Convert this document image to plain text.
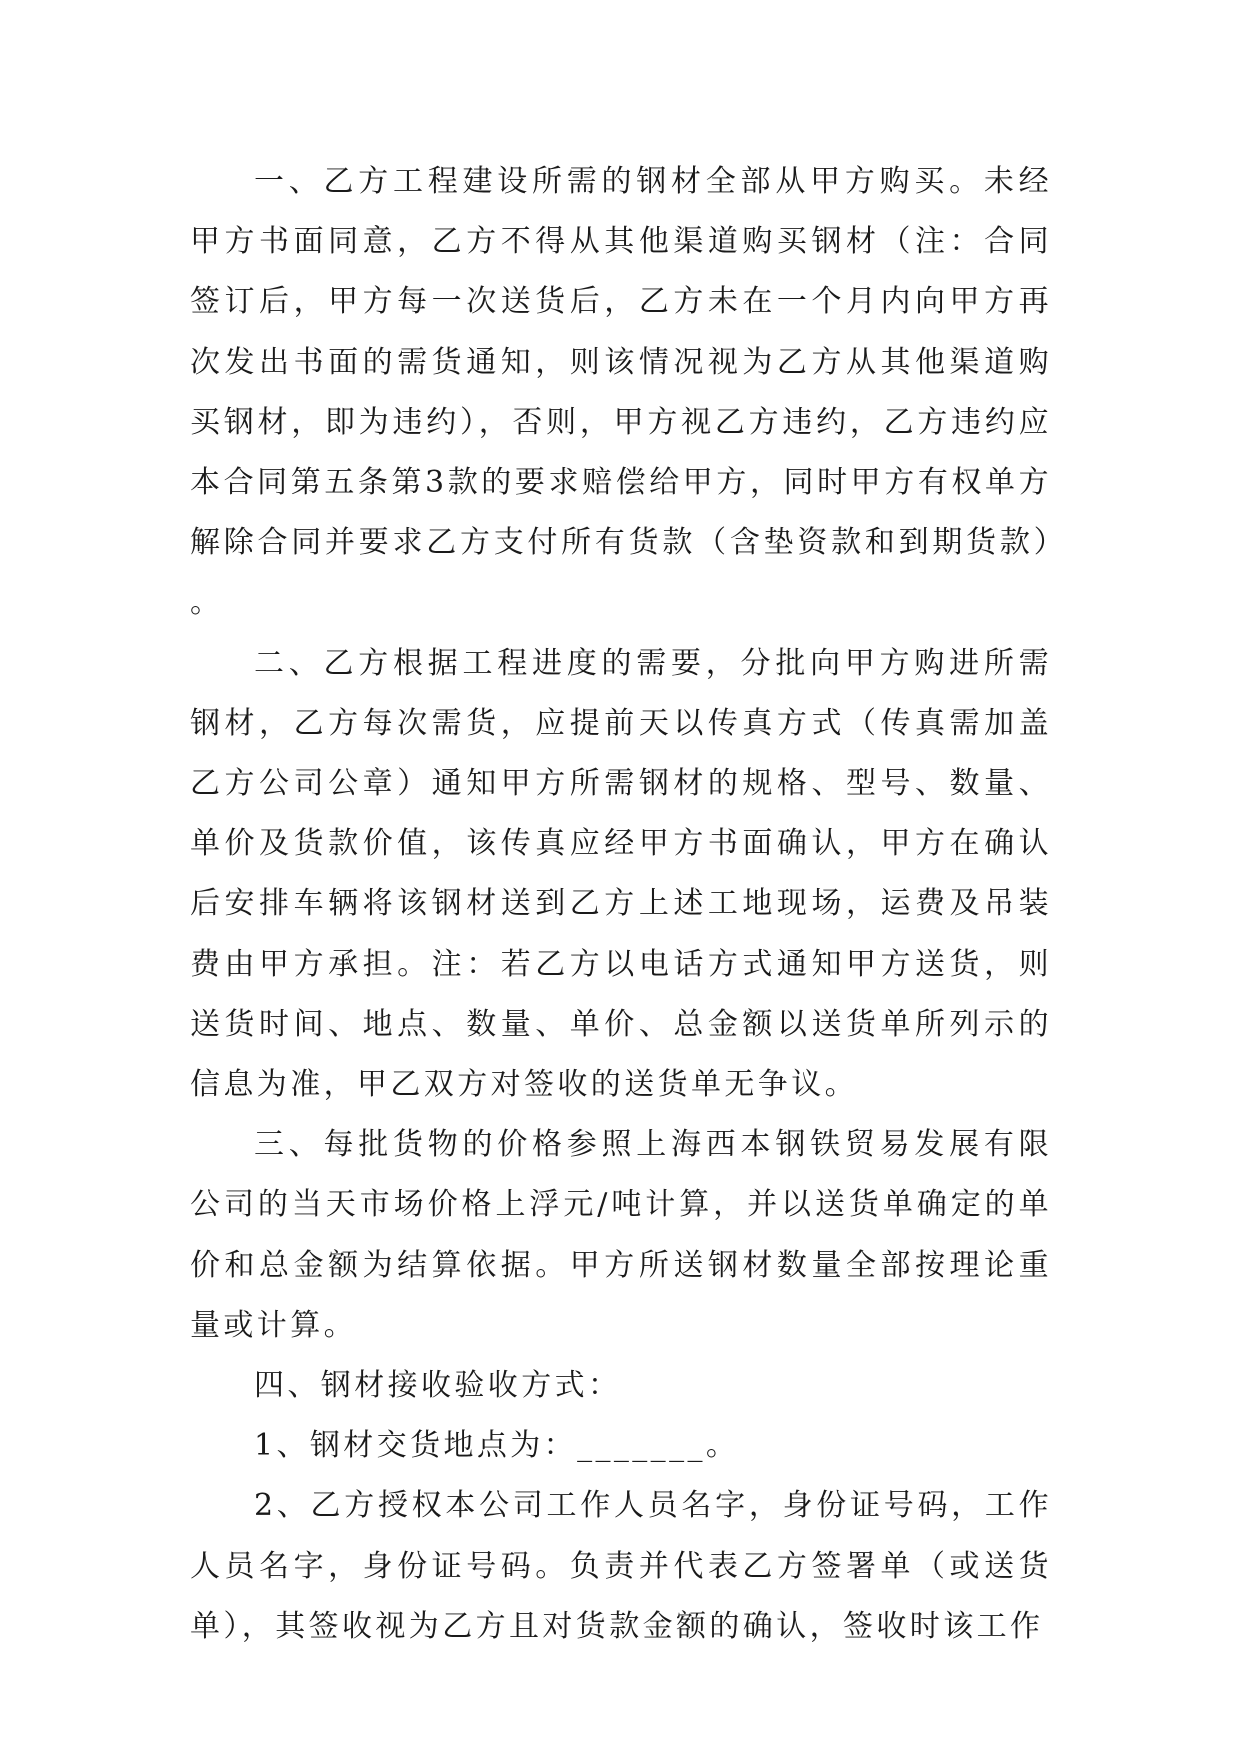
一、乙方工程建设所需的钢材全部从甲方购买。未经甲方书面同意，乙方不得从其他渠道购买钢材（注：合同签订后，甲方每一次送货后，乙方未在一个月内向甲方再次发出书面的需货通知，则该情况视为乙方从其他渠道购买钢材，即为违约），否则，甲方视乙方违约，乙方违约应本合同第五条第3款的要求赔偿给甲方，同时甲方有权单方解除合同并要求乙方支付所有货款（含垫资款和到期货款）。

二、乙方根据工程进度的需要，分批向甲方购进所需钢材，乙方每次需货，应提前天以传真方式（传真需加盖乙方公司公章）通知甲方所需钢材的规格、型号、数量、单价及货款价值，该传真应经甲方书面确认，甲方在确认后安排车辆将该钢材送到乙方上述工地现场，运费及吊装费由甲方承担。注：若乙方以电话方式通知甲方送货，则送货时间、地点、数量、单价、总金额以送货单所列示的信息为准，甲乙双方对签收的送货单无争议。

三、每批货物的价格参照上海西本钢铁贸易发展有限公司的当天市场价格上浮元/吨计算，并以送货单确定的单价和总金额为结算依据。甲方所送钢材数量全部按理论重量或计算。

四、钢材接收验收方式：

1、钢材交货地点为：_______。

2、乙方授权本公司工作人员名字，身份证号码，工作人员名字，身份证号码。负责并代表乙方签署单（或送货单），其签收视为乙方且对货款金额的确认，签收时该工作
